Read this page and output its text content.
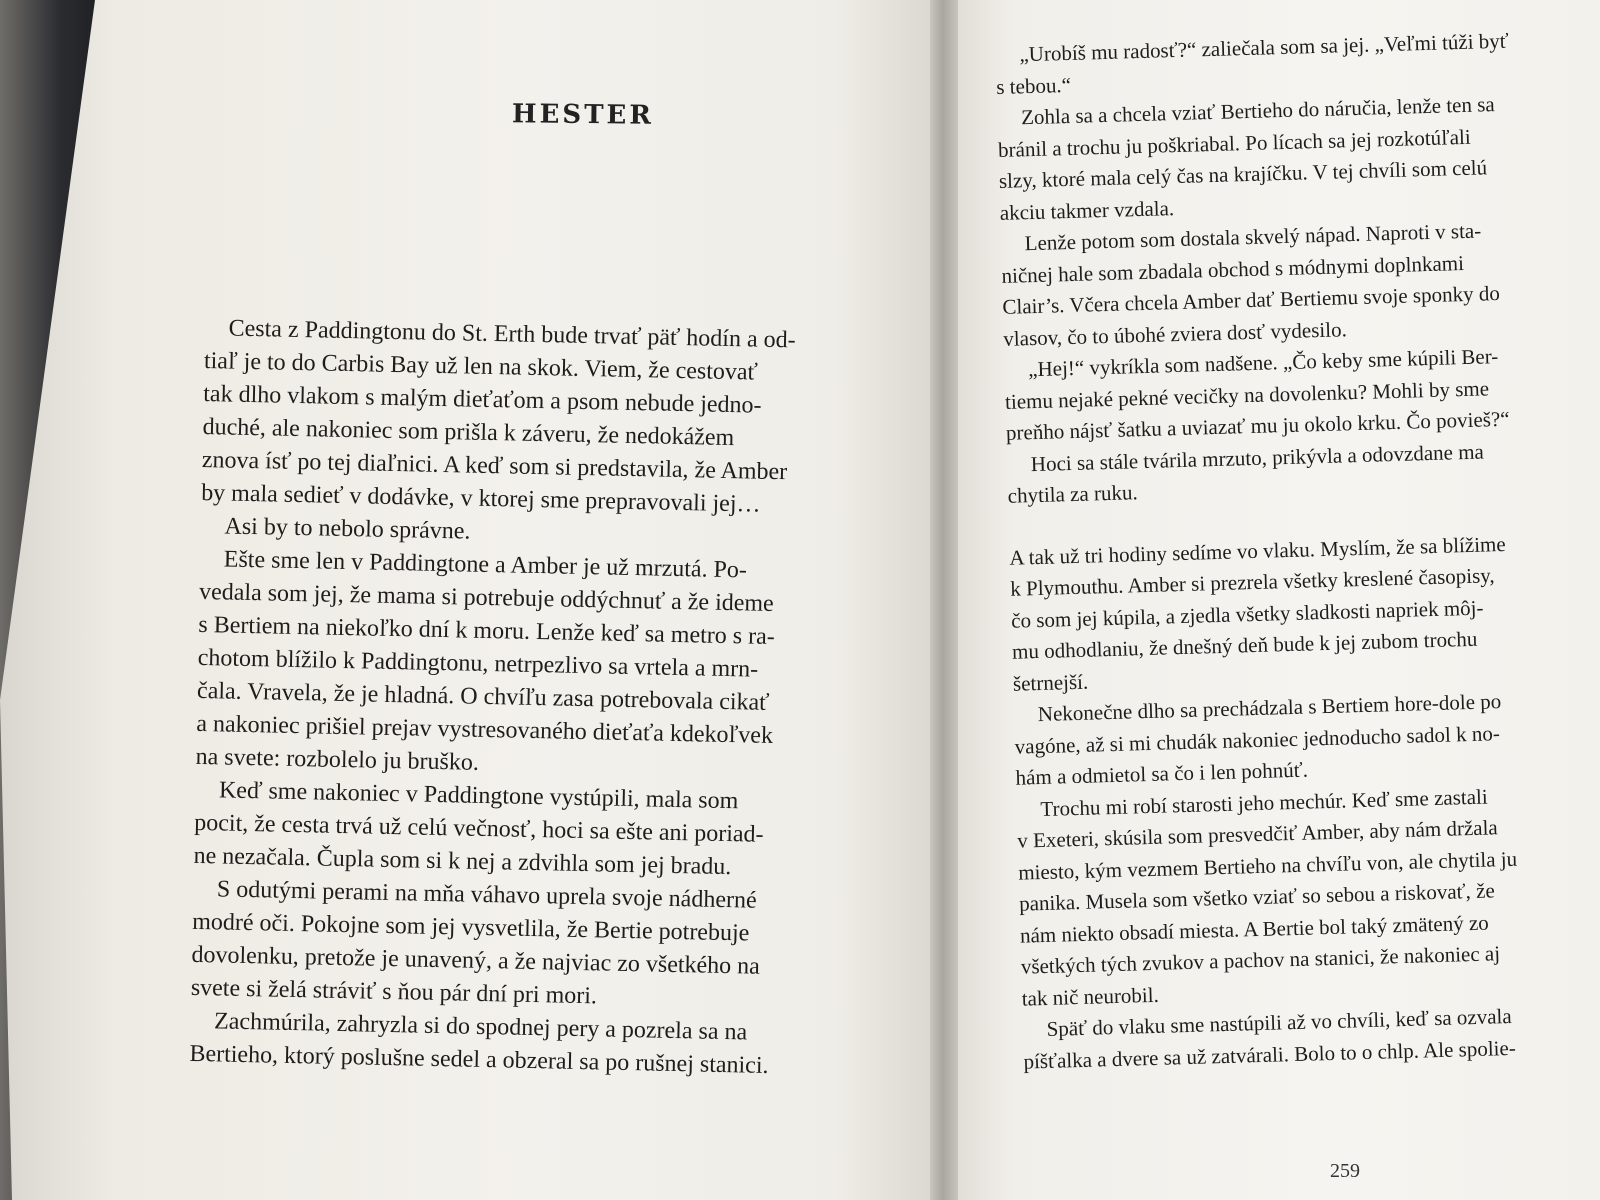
HESTER
Cesta z Paddingtonu do St. Erth bude trvať päť hodín a od-
tiaľ je to do Carbis Bay už len na skok. Viem, že cestovať
tak dlho vlakom s malým dieťaťom a psom nebude jedno-
duché, ale nakoniec som prišla k záveru, že nedokážem
znova ísť po tej diaľnici. A keď som si predstavila, že Amber
by mala sedieť v dodávke, v ktorej sme prepravovali jej…
Asi by to nebolo správne.
Ešte sme len v Paddingtone a Amber je už mrzutá. Po-
vedala som jej, že mama si potrebuje oddýchnuť a že ideme
s Bertiem na niekoľko dní k moru. Lenže keď sa metro s ra-
chotom blížilo k Paddingtonu, netrpezlivo sa vrtela a mrn-
čala. Vravela, že je hladná. O chvíľu zasa potrebovala cikať
a nakoniec prišiel prejav vystresovaného dieťaťa kdekoľvek
na svete: rozbolelo ju bruško.
Keď sme nakoniec v Paddingtone vystúpili, mala som
pocit, že cesta trvá už celú večnosť, hoci sa ešte ani poriad-
ne nezačala. Čupla som si k nej a zdvihla som jej bradu.
S odutými perami na mňa váhavo uprela svoje nádherné
modré oči. Pokojne som jej vysvetlila, že Bertie potrebuje
dovolenku, pretože je unavený, a že najviac zo všetkého na
svete si želá stráviť s ňou pár dní pri mori.
Zachmúrila, zahryzla si do spodnej pery a pozrela sa na
Bertieho, ktorý poslušne sedel a obzeral sa po rušnej stanici.
„Urobíš mu radosť?“ zaliečala som sa jej. „Veľmi túži byť
s tebou.“
Zohla sa a chcela vziať Bertieho do náručia, lenže ten sa
bránil a trochu ju poškriabal. Po lícach sa jej rozkotúľali
slzy, ktoré mala celý čas na krajíčku. V tej chvíli som celú
akciu takmer vzdala.
Lenže potom som dostala skvelý nápad. Naproti v sta-
ničnej hale som zbadala obchod s módnymi doplnkami
Clair’s. Včera chcela Amber dať Bertiemu svoje sponky do
vlasov, čo to úbohé zviera dosť vydesilo.
„Hej!“ vykríkla som nadšene. „Čo keby sme kúpili Ber-
tiemu nejaké pekné vecičky na dovolenku? Mohli by sme
preňho nájsť šatku a uviazať mu ju okolo krku. Čo povieš?“
Hoci sa stále tvárila mrzuto, prikývla a odovzdane ma
chytila za ruku.
A tak už tri hodiny sedíme vo vlaku. Myslím, že sa blížime
k Plymouthu. Amber si prezrela všetky kreslené časopisy,
čo som jej kúpila, a zjedla všetky sladkosti napriek môj-
mu odhodlaniu, že dnešný deň bude k jej zubom trochu
šetrnejší.
Nekonečne dlho sa prechádzala s Bertiem hore-dole po
vagóne, až si mi chudák nakoniec jednoducho sadol k no-
hám a odmietol sa čo i len pohnúť.
Trochu mi robí starosti jeho mechúr. Keď sme zastali
v Exeteri, skúsila som presvedčiť Amber, aby nám držala
miesto, kým vezmem Bertieho na chvíľu von, ale chytila ju
panika. Musela som všetko vziať so sebou a riskovať, že
nám niekto obsadí miesta. A Bertie bol taký zmätený zo
všetkých tých zvukov a pachov na stanici, že nakoniec aj
tak nič neurobil.
Späť do vlaku sme nastúpili až vo chvíli, keď sa ozvala
píšťalka a dvere sa už zatvárali. Bolo to o chlp. Ale spolie-
259
